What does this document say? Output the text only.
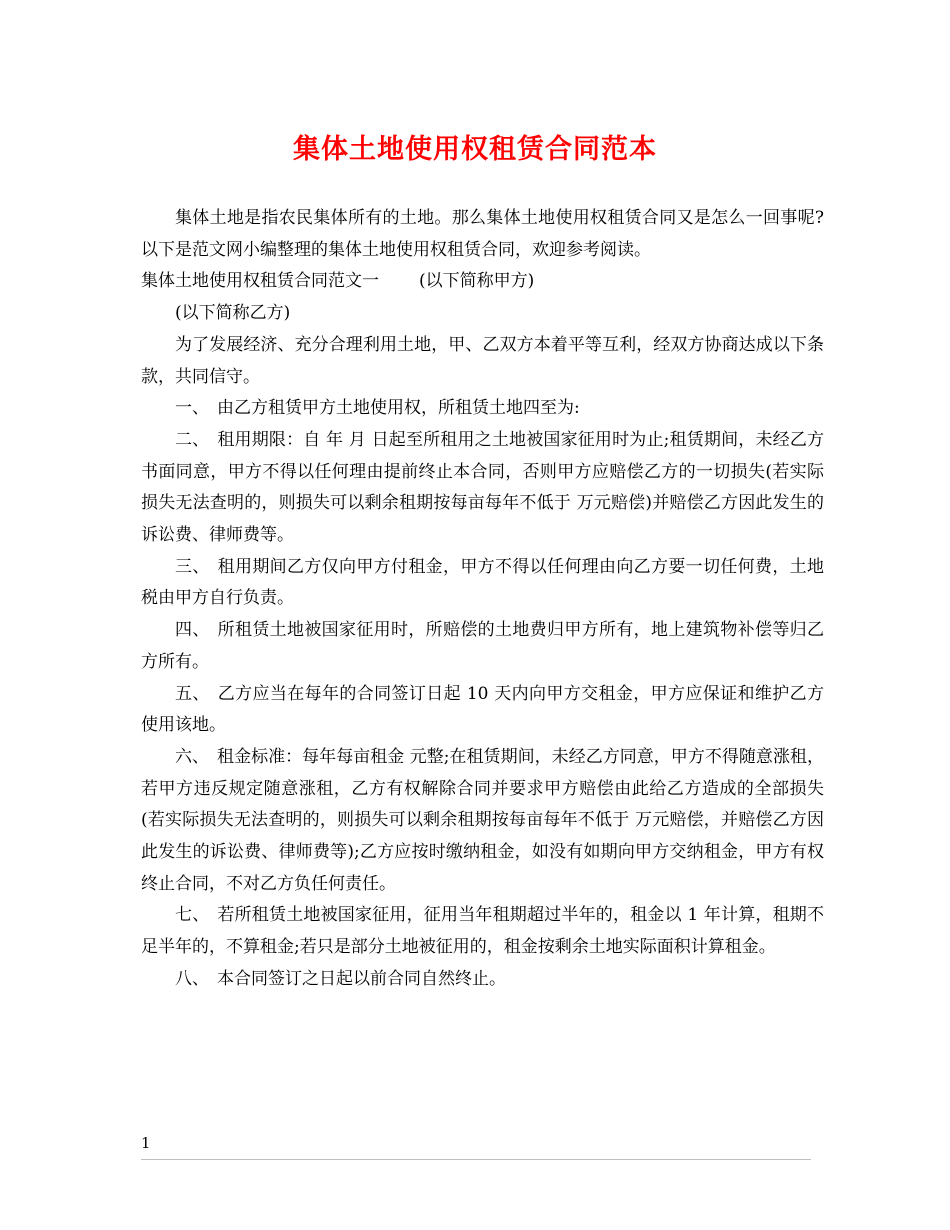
集体土地使用权租赁合同范本

集体土地是指农民集体所有的土地。那么集体土地使用权租赁合同又是怎么一回事呢?以下是范文网小编整理的集体土地使用权租赁合同，欢迎参考阅读。

集体土地使用权租赁合同范文一 (以下简称甲方)

(以下简称乙方)

为了发展经济、充分合理利用土地，甲、乙双方本着平等互利，经双方协商达成以下条款，共同信守。

一、 由乙方租赁甲方土地使用权，所租赁土地四至为:

二、 租用期限：自 年 月 日起至所租用之土地被国家征用时为止;租赁期间，未经乙方书面同意，甲方不得以任何理由提前终止本合同，否则甲方应赔偿乙方的一切损失(若实际损失无法查明的，则损失可以剩余租期按每亩每年不低于 万元赔偿)并赔偿乙方因此发生的诉讼费、律师费等。

三、 租用期间乙方仅向甲方付租金，甲方不得以任何理由向乙方要一切任何费，土地税由甲方自行负责。

四、 所租赁土地被国家征用时，所赔偿的土地费归甲方所有，地上建筑物补偿等归乙方所有。

五、 乙方应当在每年的合同签订日起 10 天内向甲方交租金，甲方应保证和维护乙方使用该地。

六、 租金标准：每年每亩租金 元整;在租赁期间，未经乙方同意，甲方不得随意涨租，若甲方违反规定随意涨租，乙方有权解除合同并要求甲方赔偿由此给乙方造成的全部损失(若实际损失无法查明的，则损失可以剩余租期按每亩每年不低于 万元赔偿，并赔偿乙方因此发生的诉讼费、律师费等);乙方应按时缴纳租金，如没有如期向甲方交纳租金，甲方有权终止合同，不对乙方负任何责任。

七、 若所租赁土地被国家征用，征用当年租期超过半年的，租金以 1 年计算，租期不足半年的，不算租金;若只是部分土地被征用的，租金按剩余土地实际面积计算租金。

八、 本合同签订之日起以前合同自然终止。

1
